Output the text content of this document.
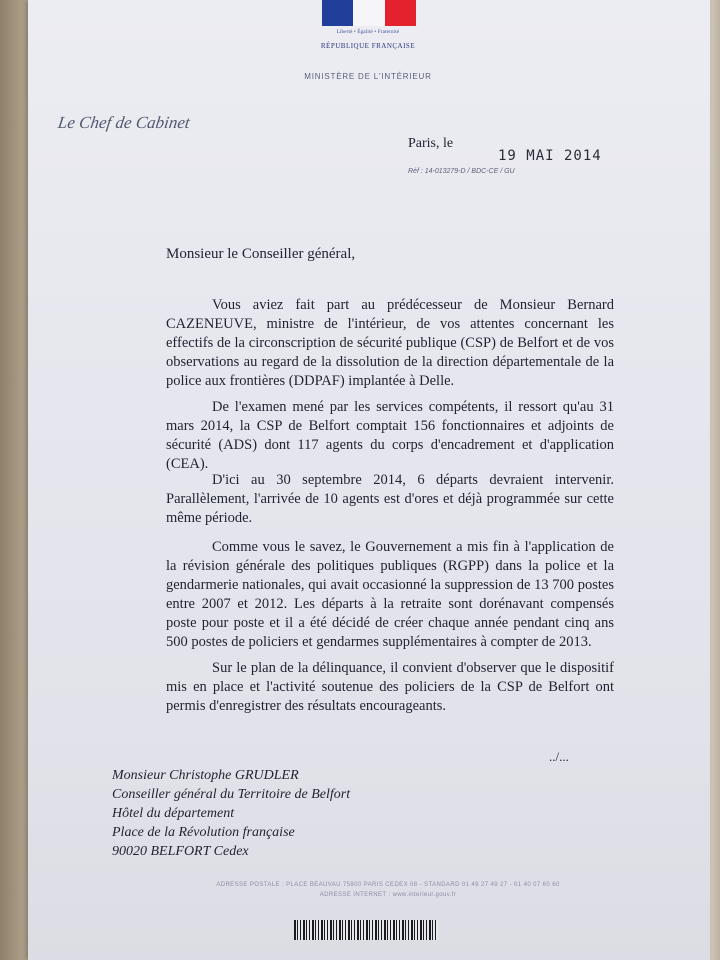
Liberté • Égalité • Fraternité
RÉPUBLIQUE FRANÇAISE
MINISTÈRE DE L'INTÉRIEUR
Le Chef de Cabinet
Paris, le
19 MAI 2014
Réf : 14-013279-D / BDC-CE / GU
Monsieur le Conseiller général,

Vous aviez fait part au prédécesseur de Monsieur Bernard CAZENEUVE, ministre de l'intérieur, de vos attentes concernant les effectifs de la circonscription de sécurité publique (CSP) de Belfort et de vos observations au regard de la dissolution de la direction départementale de la police aux frontières (DDPAF) implantée à Delle.

De l'examen mené par les services compétents, il ressort qu'au 31 mars 2014, la CSP de Belfort comptait 156 fonctionnaires et adjoints de sécurité (ADS) dont 117 agents du corps d'encadrement et d'application (CEA).

D'ici au 30 septembre 2014, 6 départs devraient intervenir. Parallèlement, l'arrivée de 10 agents est d'ores et déjà programmée sur cette même période.

Comme vous le savez, le Gouvernement a mis fin à l'application de la révision générale des politiques publiques (RGPP) dans la police et la gendarmerie nationales, qui avait occasionné la suppression de 13 700 postes entre 2007 et 2012. Les départs à la retraite sont dorénavant compensés poste pour poste et il a été décidé de créer chaque année pendant cinq ans 500 postes de policiers et gendarmes supplémentaires à compter de 2013.

Sur le plan de la délinquance, il convient d'observer que le dispositif mis en place et l'activité soutenue des policiers de la CSP de Belfort ont permis d'enregistrer des résultats encourageants.

../...
Monsieur Christophe GRUDLER
Conseiller général du Territoire de Belfort
Hôtel du département
Place de la Révolution française
90020 BELFORT Cedex
ADRESSE POSTALE : PLACE BEAUVAU 75800 PARIS CEDEX 08 - STANDARD 01 49 27 49 27 - 01 40 07 60 60
ADRESSE INTERNET : www.interieur.gouv.fr
